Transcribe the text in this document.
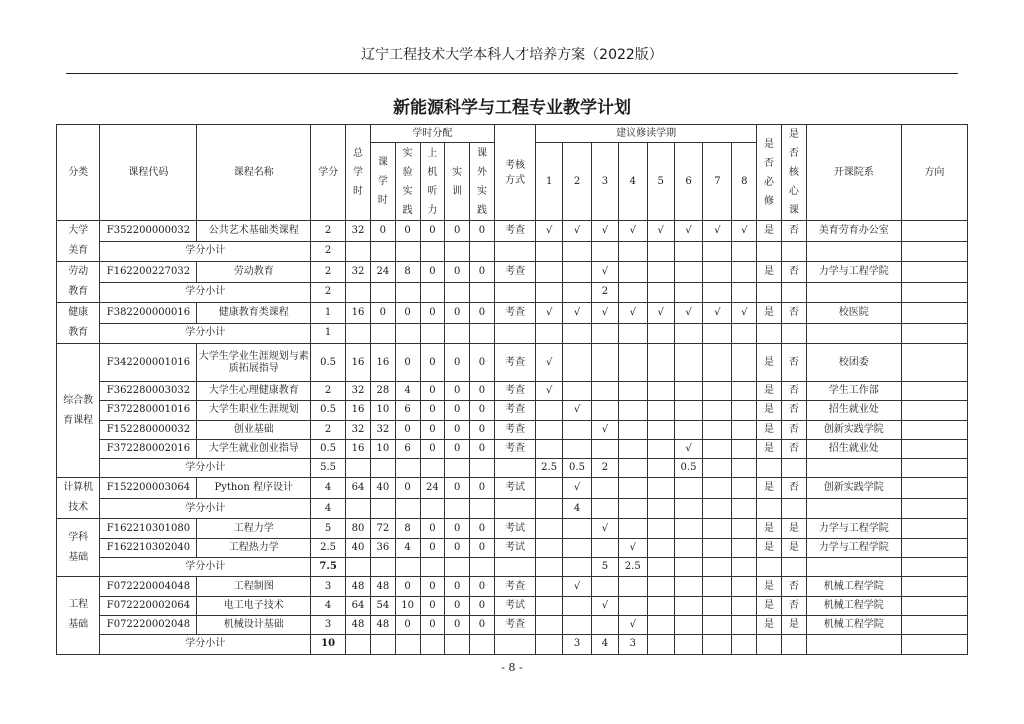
辽宁工程技术大学本科人才培养方案（2022版）
新能源科学与工程专业教学计划
分类	课程代码	课程名称	学分	总学时	学时分配					考核方式	建议修读学期								是否必修	是否核心课	开课院系	方向

					课学时	实验实践	上机听力	实训	课外实践		1	2	3	4	5	6	7	8				

大学美育	F352200000032	公共艺术基础类课程	2	32	0	0	0	0	0	考查	√	√	√	√	√	√	√	√	是	否	美育劳育办公室	
	学分小计		2																			

劳动教育	F162200227032	劳动教育	2	32	24	8	0	0	0	考查			√						是	否	力学与工程学院	
	学分小计		2										2									

健康教育	F382200000016	健康教育类课程	1	16	0	0	0	0	0	考查	√	√	√	√	√	√	√	√	是	否	校医院	
	学分小计		1																			

综合教育课程	F342200001016	大学生学业生涯规划与素质拓展指导	0.5	16	16	0	0	0	0	考查	√								是	否	校团委	
	F362280003032	大学生心理健康教育	2	32	28	4	0	0	0	考查	√								是	否	学生工作部	
	F372280001016	大学生职业生涯规划	0.5	16	10	6	0	0	0	考查		√							是	否	招生就业处	
	F152280000032	创业基础	2	32	32	0	0	0	0	考查			√						是	否	创新实践学院	
	F372280002016	大学生就业创业指导	0.5	16	10	6	0	0	0	考查						√			是	否	招生就业处	
	学分小计		5.5								2.5	0.5	2			0.5						

计算机技术	F152200003064	Python 程序设计	4	64	40	0	24	0	0	考试		√							是	否	创新实践学院	
	学分小计		4									4										

学科基础	F162210301080	工程力学	5	80	72	8	0	0	0	考试			√						是	是	力学与工程学院	
	F162210302040	工程热力学	2.5	40	36	4	0	0	0	考试				√					是	是	力学与工程学院	
	学分小计		7.5										5	2.5								

工程基础	F072220004048	工程制图	3	48	48	0	0	0	0	考查		√							是	否	机械工程学院	
	F072220002064	电工电子技术	4	64	54	10	0	0	0	考试			√						是	否	机械工程学院	
	F072220002048	机械设计基础	3	48	48	0	0	0	0	考查				√					是	是	机械工程学院	
	学分小计		10									3	4	3								
- 8 -
